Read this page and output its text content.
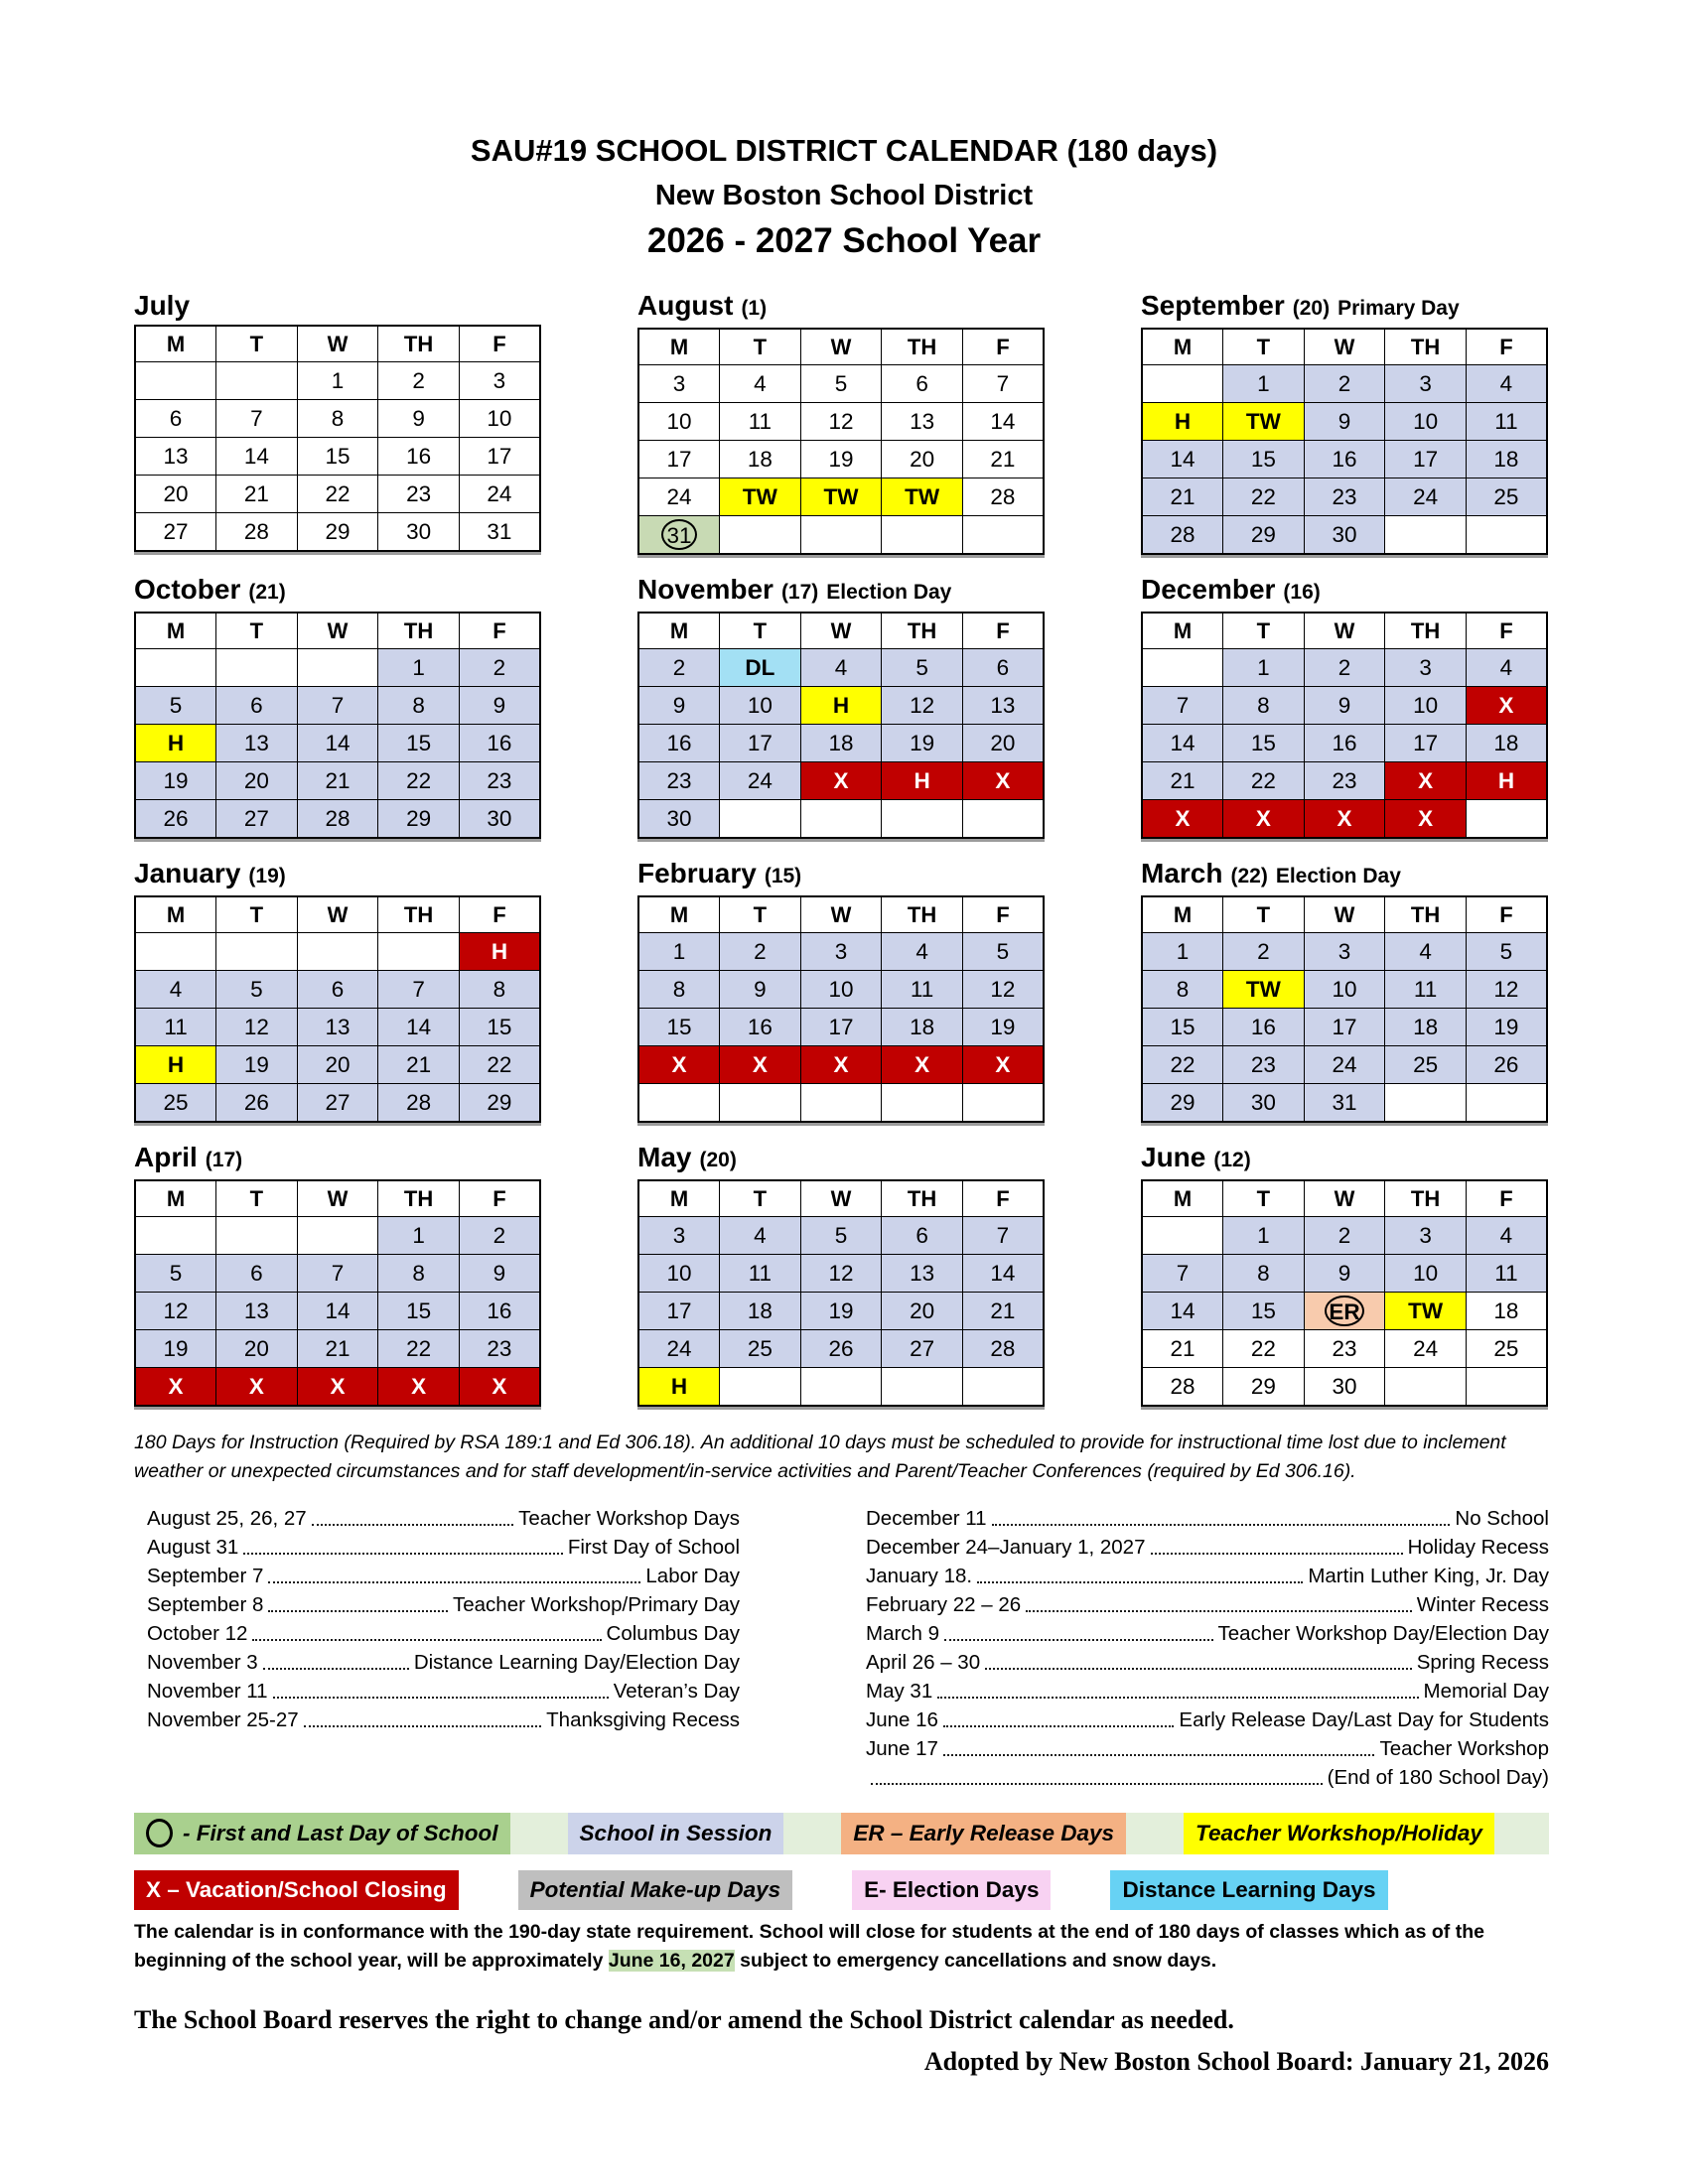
SAU#19 SCHOOL DISTRICT CALENDAR (180 days)
New Boston School District
2026 - 2027 School Year
July
M	T	W	TH	F
		1	2	3
6	7	8	9	10
13	14	15	16	17
20	21	22	23	24
27	28	29	30	31
August (1)
M	T	W	TH	F
3	4	5	6	7
10	11	12	13	14
17	18	19	20	21
24	TW	TW	TW	28
31				
September (20) Primary Day
M	T	W	TH	F
	1	2	3	4
H	TW	9	10	11
14	15	16	17	18
21	22	23	24	25
28	29	30		
October (21)
M	T	W	TH	F
			1	2
5	6	7	8	9
H	13	14	15	16
19	20	21	22	23
26	27	28	29	30
November (17) Election Day
M	T	W	TH	F
2	DL	4	5	6
9	10	H	12	13
16	17	18	19	20
23	24	X	H	X
30				
December (16)
M	T	W	TH	F
	1	2	3	4
7	8	9	10	X
14	15	16	17	18
21	22	23	X	H
X	X	X	X	
January (19)
M	T	W	TH	F
				H
4	5	6	7	8
11	12	13	14	15
H	19	20	21	22
25	26	27	28	29
February (15)
M	T	W	TH	F
1	2	3	4	5
8	9	10	11	12
15	16	17	18	19
X	X	X	X	X

March (22) Election Day
M	T	W	TH	F
1	2	3	4	5
8	TW	10	11	12
15	16	17	18	19
22	23	24	25	26
29	30	31		
April (17)
M	T	W	TH	F
			1	2
5	6	7	8	9
12	13	14	15	16
19	20	21	22	23
X	X	X	X	X
May (20)
M	T	W	TH	F
3	4	5	6	7
10	11	12	13	14
17	18	19	20	21
24	25	26	27	28
H				
June (12)
M	T	W	TH	F
	1	2	3	4
7	8	9	10	11
14	15	ER	TW	18
21	22	23	24	25
28	29	30		

180 Days for Instruction (Required by RSA 189:1 and Ed 306.18). An additional 10 days must be scheduled to provide for instructional time lost due to inclement weather or unexpected circumstances and for staff development/in-service activities and Parent/Teacher Conferences (required by Ed 306.16).

August 25, 26, 27	Teacher Workshop Days
August 31	First Day of School
September 7	Labor Day
September 8	Teacher Workshop/Primary Day
October 12	Columbus Day
November 3	Distance Learning Day/Election Day
November 11	Veteran’s Day
November 25-27	Thanksgiving Recess
December 11	No School
December 24–January 1, 2027	Holiday Recess
January 18.	Martin Luther King, Jr. Day
February 22 – 26	Winter Recess
March 9	Teacher Workshop Day/Election Day
April 26 – 30	Spring Recess
May 31	Memorial Day
June 16	Early Release Day/Last Day for Students
June 17	Teacher Workshop
(End of 180 School Day)
- First and Last Day of School	School in Session	ER – Early Release Days	Teacher Workshop/Holiday
X – Vacation/School Closing	Potential Make-up Days	E- Election Days	Distance Learning Days

The calendar is in conformance with the 190-day state requirement. School will close for students at the end of 180 days of classes which as of the beginning of the school year, will be approximately June 16, 2027 subject to emergency cancellations and snow days.

The School Board reserves the right to change and/or amend the School District calendar as needed.

Adopted by New Boston School Board: January 21, 2026
